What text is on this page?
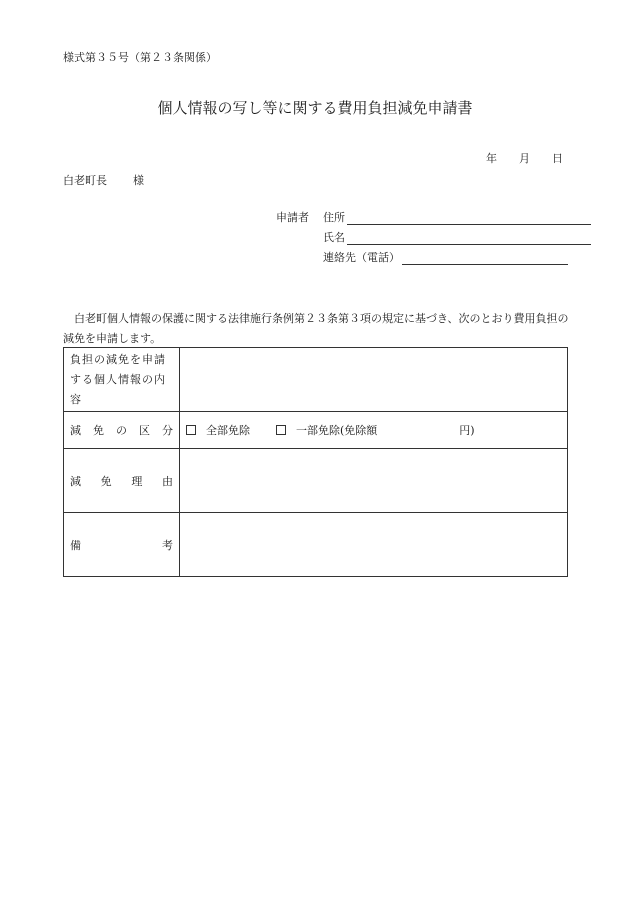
様式第３５号（第２３条関係）
個人情報の写し等に関する費用負担減免申請書
年 月 日
白老町長 様
申請者 住所
氏名
連絡先（電話）
白老町個人情報の保護に関する法律施行条例第２３条第３項の規定に基づき、次のとおり費用負担の減免を申請します。
負担の減免を申請
する個人情報の内容	

減 免 の 区 分	全部免除 一部免除(免除額 円)

減 免 理 由	

備 考	
